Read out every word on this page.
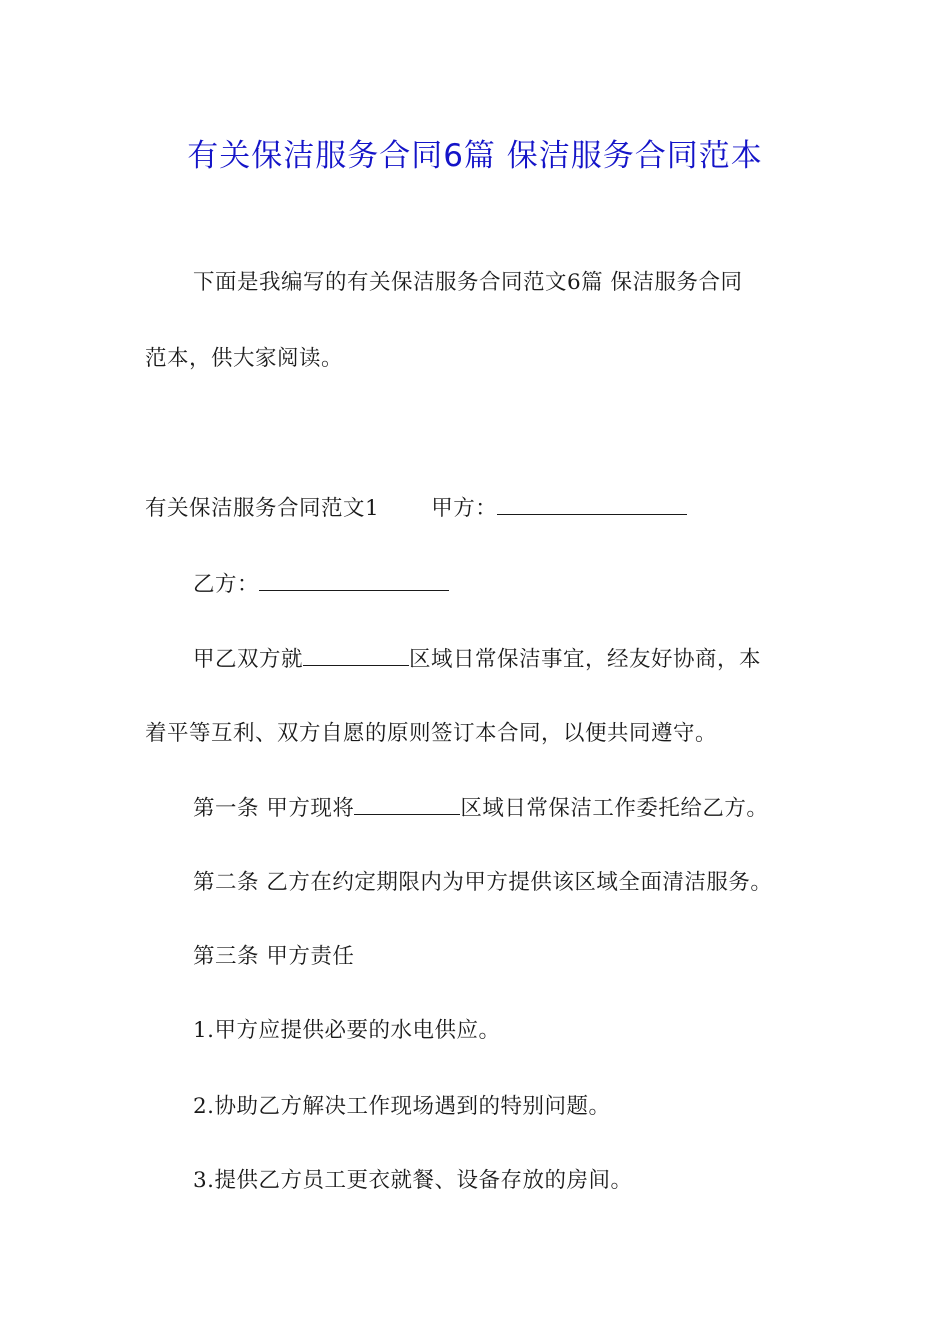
有关保洁服务合同6篇 保洁服务合同范本
下面是我编写的有关保洁服务合同范文6篇 保洁服务合同
范本，供大家阅读。
有关保洁服务合同范文1 甲方：
乙方：
甲乙双方就	区域日常保洁事宜，经友好协商，本
着平等互利、双方自愿的原则签订本合同，以便共同遵守。
第一条 甲方现将	区域日常保洁工作委托给乙方。
第二条 乙方在约定期限内为甲方提供该区域全面清洁服务。
第三条 甲方责任
1.甲方应提供必要的水电供应。
2.协助乙方解决工作现场遇到的特别问题。
3.提供乙方员工更衣就餐、设备存放的房间。
